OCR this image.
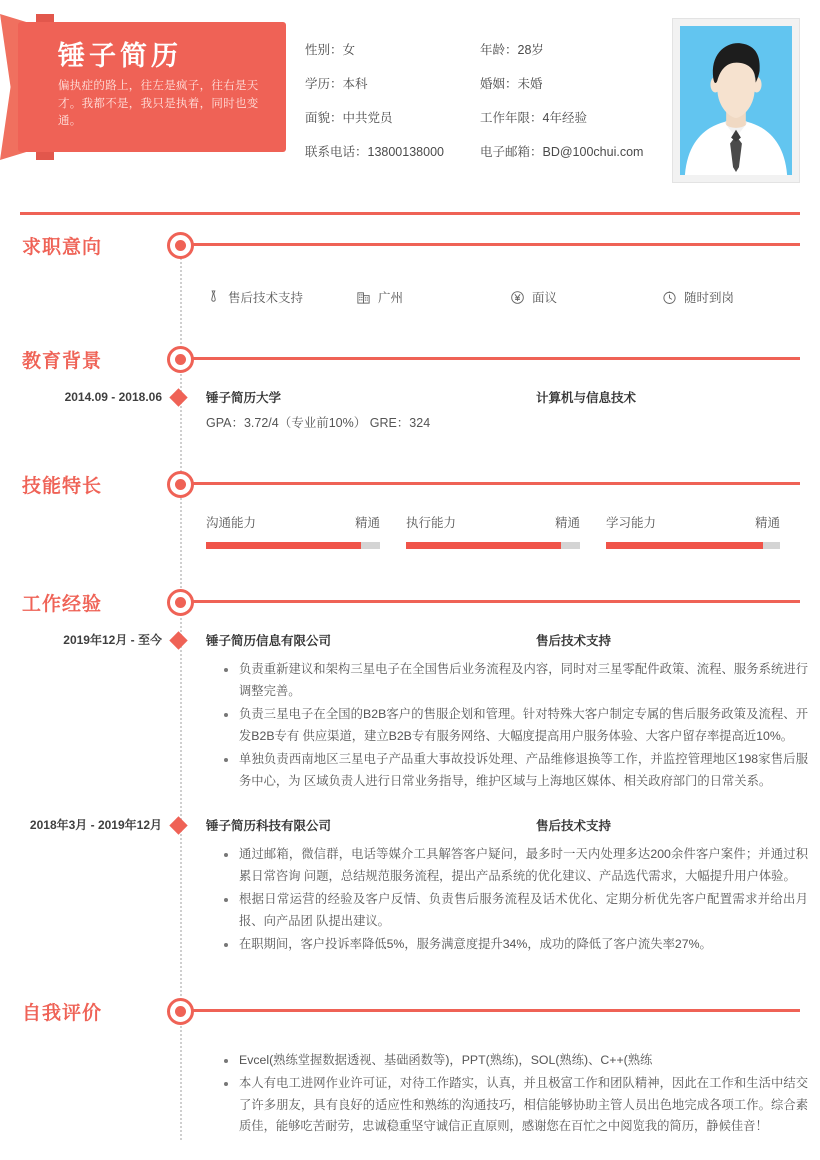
锤子简历
偏执症的路上，往左是疯子，往右是天才。我都不是，我只是执着，同时也变通。
性别：女	年龄：28岁
学历：本科	婚姻：未婚
面貌：中共党员	工作年限：4年经验
联系电话：13800138000	电子邮箱：BD@100chui.com
求职意向
售后技术支持	广州	面议	随时到岗
教育背景
2014.09 - 2018.06	锤子简历大学	计算机与信息技术
GPA：3.72/4（专业前10%） GRE：324
技能特长
沟通能力	精通 执行能力	精通 学习能力	精通
工作经验
2019年12月 - 至今	锤子简历信息有限公司	售后技术支持
负责重新建议和架构三星电子在全国售后业务流程及内容，同时对三星零配件政策、流程、服务系统进行调整完善。
负责三星电子在全国的B2B客户的售服企划和管理。针对特殊大客户制定专属的售后服务政策及流程、开发B2B专有 供应渠道，建立B2B专有服务网络、大幅度提高用户服务体验、大客户留存率提高近10%。
单独负责西南地区三星电子产品重大事故投诉处理、产品维修退换等工作，并监控管理地区198家售后服务中心，为 区域负责人进行日常业务指导，维护区域与上海地区媒体、相关政府部门的日常关系。
2018年3月 - 2019年12月	锤子简历科技有限公司	售后技术支持
通过邮箱，微信群，电话等媒介工具解答客户疑问，最多时一天内处理多达200余件客户案件；并通过积累日常咨询 问题，总结规范服务流程，提出产品系统的优化建议、产品选代需求，大幅提升用户体验。
根据日常运营的经验及客户反情、负责售后服务流程及话术优化、定期分析优先客户配置需求并给出月报、向产品团 队提出建议。
在职期间，客户投诉率降低5%，服务满意度提升34%，成功的降低了客户流失率27%。
自我评价
Evcel(熟练堂握数据透视、基础函数等)，PPT(熟练)，SOL(熟练)、C++(熟练
本人有电工进网作业许可证，对待工作踏实，认真，并且极富工作和团队精神，因此在工作和生活中结交了许多朋友，具有良好的适应性和熟练的沟通技巧，相信能够协助主管人员出色地完成各项工作。综合素质佳，能够吃苦耐劳，忠诚稳重坚守诚信正直原则，感谢您在百忙之中阅览我的简历，静候佳音！
